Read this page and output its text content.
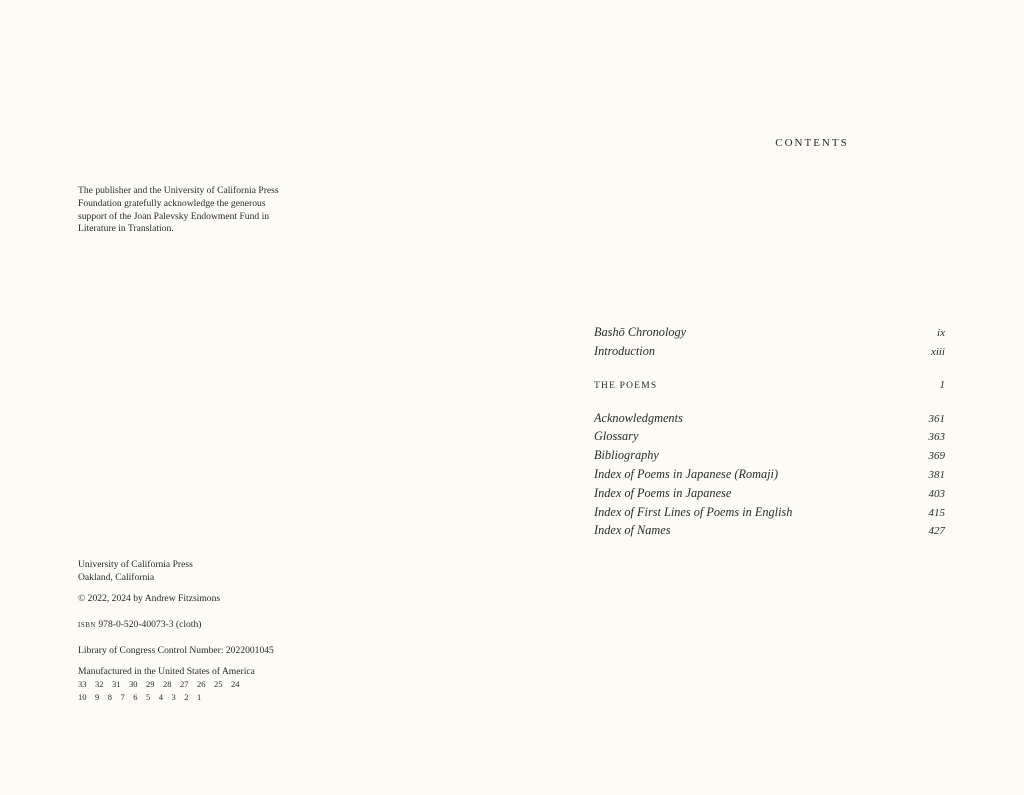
The publisher and the University of California Press Foundation gratefully acknowledge the generous support of the Joan Palevsky Endowment Fund in Literature in Translation.

University of California Press

Oakland, California

© 2022, 2024 by Andrew Fitzsimons

isbn 978-0-520-40073-3 (cloth)

Library of Congress Control Number: 2022001045

Manufactured in the United States of America

33 32 31 30 29 28 27 26 25 24
10 9 8 7 6 5 4 3 2 1
CONTENTS
Bashō Chronology	ix
Introduction	xiii
THE POEMS	1
Acknowledgments	361
Glossary	363
Bibliography	369
Index of Poems in Japanese (Romaji)	381
Index of Poems in Japanese	403
Index of First Lines of Poems in English	415
Index of Names	427
